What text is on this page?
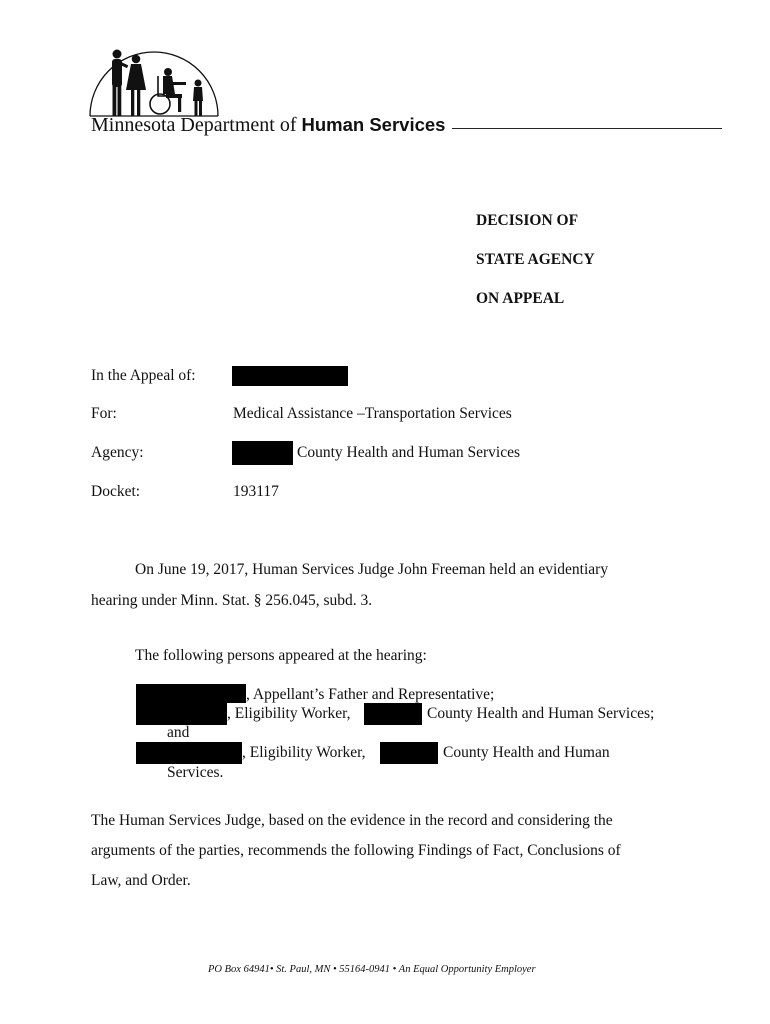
Minnesota Department of Human Services
DECISION OF
STATE AGENCY
ON APPEAL
In the Appeal of:
For:	Medical Assistance –Transportation Services
Agency:	County Health and Human Services
Docket:	193117
On June 19, 2017, Human Services Judge John Freeman held an evidentiary
hearing under Minn. Stat. § 256.045, subd. 3.
The following persons appeared at the hearing:
, Appellant’s Father and Representative;
, Eligibility Worker,	County Health and Human Services;
and
, Eligibility Worker,	County Health and Human
Services.
The Human Services Judge, based on the evidence in the record and considering the
arguments of the parties, recommends the following Findings of Fact, Conclusions of
Law, and Order.
PO Box 64941• St. Paul, MN • 55164-0941 • An Equal Opportunity Employer
